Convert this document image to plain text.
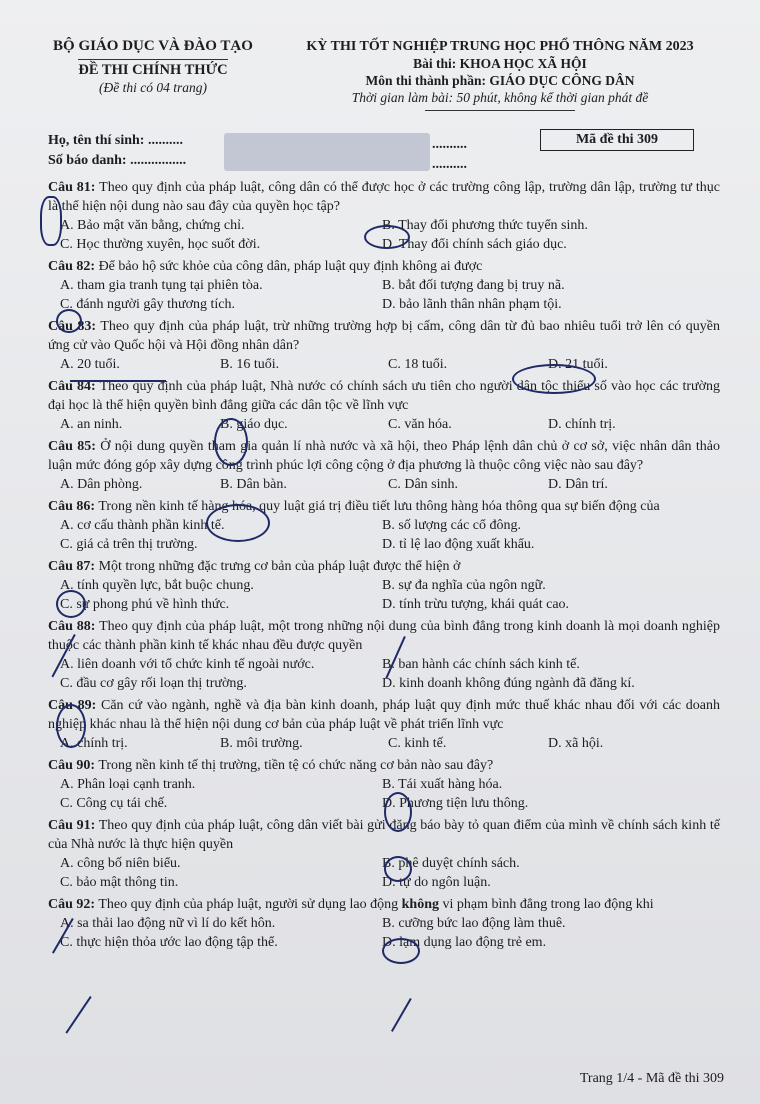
BỘ GIÁO DỤC VÀ ĐÀO TẠO
ĐỀ THI CHÍNH THỨC
(Đề thi có 04 trang)
KỲ THI TỐT NGHIỆP TRUNG HỌC PHỔ THÔNG NĂM 2023
Bài thi: KHOA HỌC XÃ HỘI
Môn thi thành phần: GIÁO DỤC CÔNG DÂN
Thời gian làm bài: 50 phút, không kể thời gian phát đề
Họ, tên thí sinh: ..........
Số báo danh: ................
..........
..........
Mã đề thi 309
Câu 81: Theo quy định của pháp luật, công dân có thể được học ở các trường công lập, trường dân lập, trường tư thục là thể hiện nội dung nào sau đây của quyền học tập?
A. Bảo mật văn bằng, chứng chỉ.	B. Thay đổi phương thức tuyển sinh.
C. Học thường xuyên, học suốt đời.	D. Thay đổi chính sách giáo dục.
Câu 82: Để bảo hộ sức khỏe của công dân, pháp luật quy định không ai được
A. tham gia tranh tụng tại phiên tòa.	B. bắt đối tượng đang bị truy nã.
C. đánh người gây thương tích.	D. bảo lãnh thân nhân phạm tội.
Câu 83: Theo quy định của pháp luật, trừ những trường hợp bị cấm, công dân từ đủ bao nhiêu tuổi trở lên có quyền ứng cử vào Quốc hội và Hội đồng nhân dân?
A. 20 tuổi.	B. 16 tuổi.	C. 18 tuổi.	D. 21 tuổi.
Câu 84: Theo quy định của pháp luật, Nhà nước có chính sách ưu tiên cho người dân tộc thiểu số vào học các trường đại học là thể hiện quyền bình đẳng giữa các dân tộc về lĩnh vực
A. an ninh.	B. giáo dục.	C. văn hóa.	D. chính trị.
Câu 85: Ở nội dung quyền tham gia quản lí nhà nước và xã hội, theo Pháp lệnh dân chủ ở cơ sở, việc nhân dân thảo luận mức đóng góp xây dựng công trình phúc lợi công cộng ở địa phương là thuộc công việc nào sau đây?
A. Dân phòng.	B. Dân bàn.	C. Dân sinh.	D. Dân trí.
Câu 86: Trong nền kinh tế hàng hóa, quy luật giá trị điều tiết lưu thông hàng hóa thông qua sự biến động của
A. cơ cấu thành phần kinh tế.	B. số lượng các cổ đông.
C. giá cả trên thị trường.	D. tỉ lệ lao động xuất khẩu.
Câu 87: Một trong những đặc trưng cơ bản của pháp luật được thể hiện ở
A. tính quyền lực, bắt buộc chung.	B. sự đa nghĩa của ngôn ngữ.
C. sự phong phú về hình thức.	D. tính trừu tượng, khái quát cao.
Câu 88: Theo quy định của pháp luật, một trong những nội dung của bình đẳng trong kinh doanh là mọi doanh nghiệp thuộc các thành phần kinh tế khác nhau đều được quyền
A. liên doanh với tổ chức kinh tế ngoài nước.	B. ban hành các chính sách kinh tế.
C. đầu cơ gây rối loạn thị trường.	D. kinh doanh không đúng ngành đã đăng kí.
Câu 89: Căn cứ vào ngành, nghề và địa bàn kinh doanh, pháp luật quy định mức thuế khác nhau đối với các doanh nghiệp khác nhau là thể hiện nội dung cơ bản của pháp luật về phát triển lĩnh vực
A. chính trị.	B. môi trường.	C. kinh tế.	D. xã hội.
Câu 90: Trong nền kinh tế thị trường, tiền tệ có chức năng cơ bản nào sau đây?
A. Phân loại cạnh tranh.	B. Tái xuất hàng hóa.
C. Công cụ tái chế.	D. Phương tiện lưu thông.
Câu 91: Theo quy định của pháp luật, công dân viết bài gửi đăng báo bày tỏ quan điểm của mình về chính sách kinh tế của Nhà nước là thực hiện quyền
A. công bố niên biểu.	B. phê duyệt chính sách.
C. bảo mật thông tin.	D. tự do ngôn luận.
Câu 92: Theo quy định của pháp luật, người sử dụng lao động không vi phạm bình đẳng trong lao động khi
A. sa thải lao động nữ vì lí do kết hôn.	B. cưỡng bức lao động làm thuê.
C. thực hiện thỏa ước lao động tập thể.	D. lạm dụng lao động trẻ em.
Trang 1/4 - Mã đề thi 309
